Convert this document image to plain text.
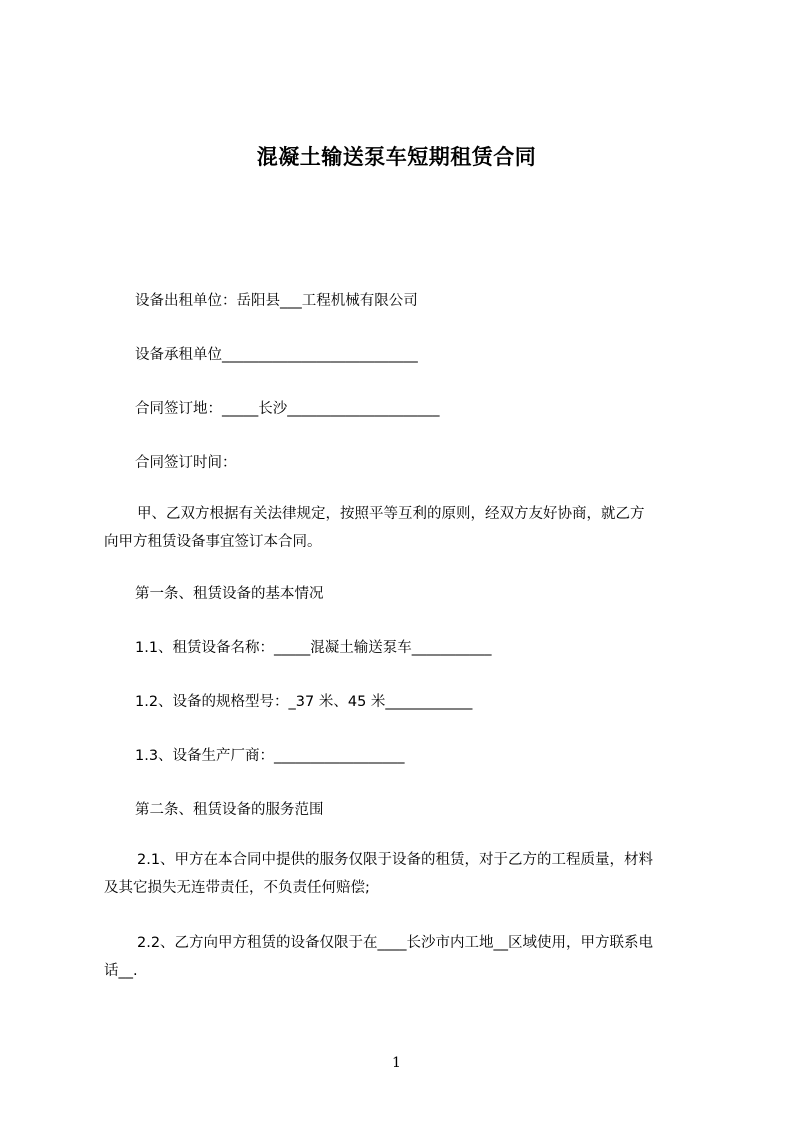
混凝土输送泵车短期租赁合同
设备出租单位：岳阳县___工程机械有限公司
设备承租单位___________________________
合同签订地：_____长沙_____________________
合同签订时间：
甲、乙双方根据有关法律规定，按照平等互利的原则，经双方友好协商，就乙方
向甲方租赁设备事宜签订本合同。
第一条、租赁设备的基本情况
1.1、租赁设备名称：_____混凝土输送泵车___________
1.2、设备的规格型号：_37 米、45 米____________
1.3、设备生产厂商：__________________
第二条、租赁设备的服务范围
2.1、甲方在本合同中提供的服务仅限于设备的租赁，对于乙方的工程质量，材料
及其它损失无连带责任，不负责任何赔偿;
2.2、乙方向甲方租赁的设备仅限于在____长沙市内工地__区域使用，甲方联系电
话__.
1
